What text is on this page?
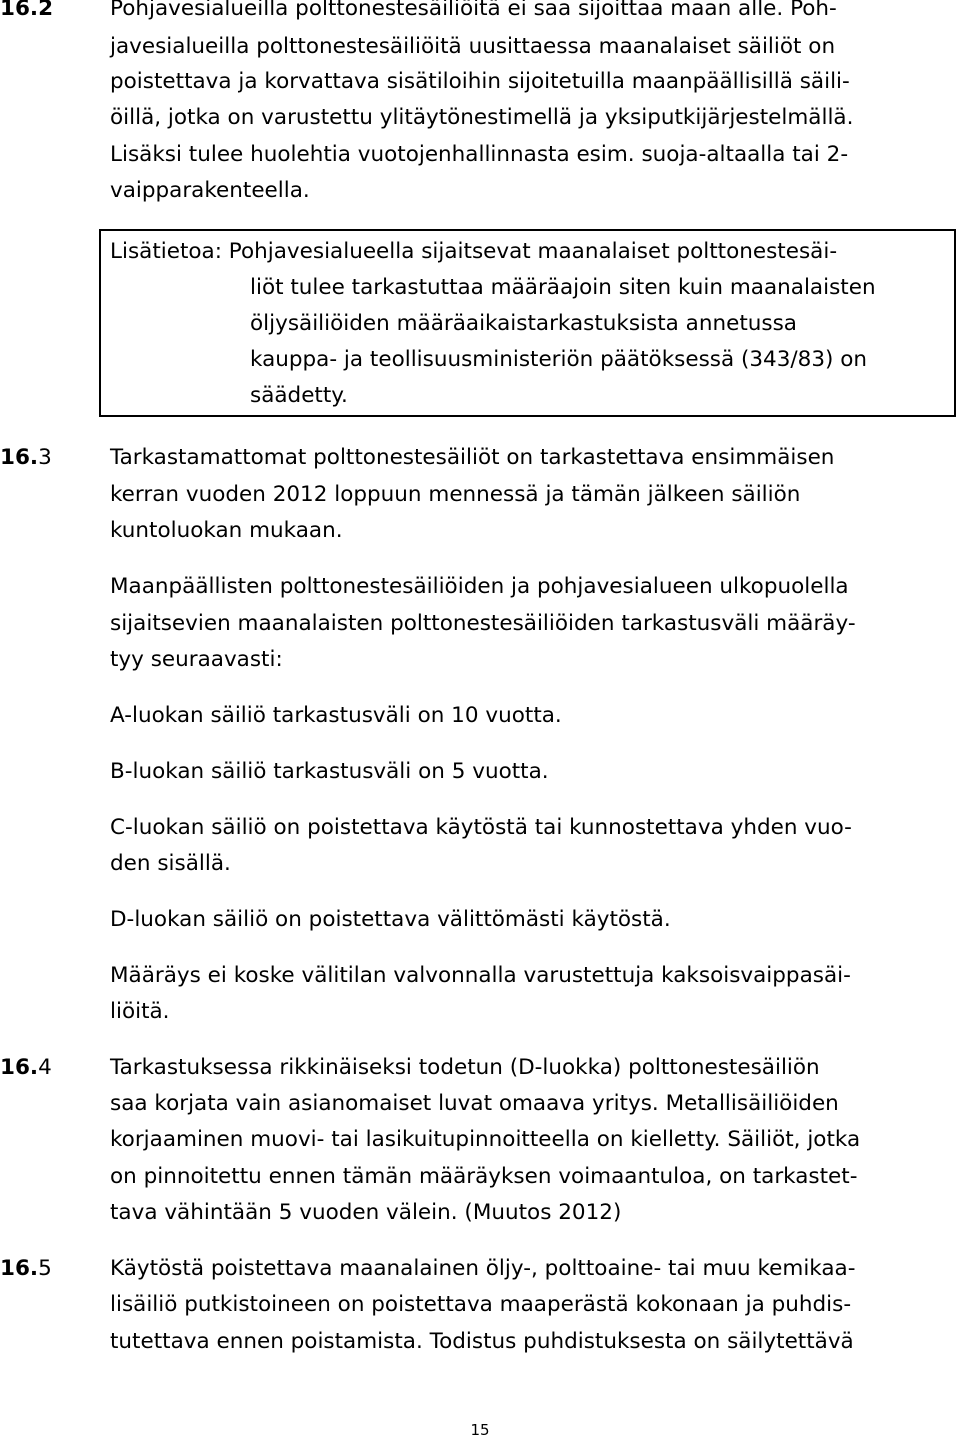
16.2	Pohjavesialueilla polttonestesäiliöitä ei saa sijoittaa maan alle. Poh-
javesialueilla polttonestesäiliöitä uusittaessa maanalaiset säiliöt on
poistettava ja korvattava sisätiloihin sijoitetuilla maanpäällisillä säili-
öillä, jotka on varustettu ylitäytönestimellä ja yksiputkijärjestelmällä.
Lisäksi tulee huolehtia vuotojenhallinnasta esim. suoja-altaalla tai 2-
vaipparakenteella.
Lisätietoa: Pohjavesialueella sijaitsevat maanalaiset polttonestesäi-
liöt tulee tarkastuttaa määräajoin siten kuin maanalaisten
öljysäiliöiden määräaikaistarkastuksista annetussa
kauppa- ja teollisuusministeriön päätöksessä (343/83) on
säädetty.
16.3	Tarkastamattomat polttonestesäiliöt on tarkastettava ensimmäisen
kerran vuoden 2012 loppuun mennessä ja tämän jälkeen säiliön
kuntoluokan mukaan.
Maanpäällisten polttonestesäiliöiden ja pohjavesialueen ulkopuolella
sijaitsevien maanalaisten polttonestesäiliöiden tarkastusväli määräy-
tyy seuraavasti:
A-luokan säiliö tarkastusväli on 10 vuotta.
B-luokan säiliö tarkastusväli on 5 vuotta.
C-luokan säiliö on poistettava käytöstä tai kunnostettava yhden vuo-
den sisällä.
D-luokan säiliö on poistettava välittömästi käytöstä.
Määräys ei koske välitilan valvonnalla varustettuja kaksoisvaippasäi-
liöitä.
16.4	Tarkastuksessa rikkinäiseksi todetun (D-luokka) polttonestesäiliön
saa korjata vain asianomaiset luvat omaava yritys. Metallisäiliöiden
korjaaminen muovi- tai lasikuitupinnoitteella on kielletty. Säiliöt, jotka
on pinnoitettu ennen tämän määräyksen voimaantuloa, on tarkastet-
tava vähintään 5 vuoden välein. (Muutos 2012)
16.5	Käytöstä poistettava maanalainen öljy-, polttoaine- tai muu kemikaa-
lisäiliö putkistoineen on poistettava maaperästä kokonaan ja puhdis-
tutettava ennen poistamista. Todistus puhdistuksesta on säilytettävä
15
